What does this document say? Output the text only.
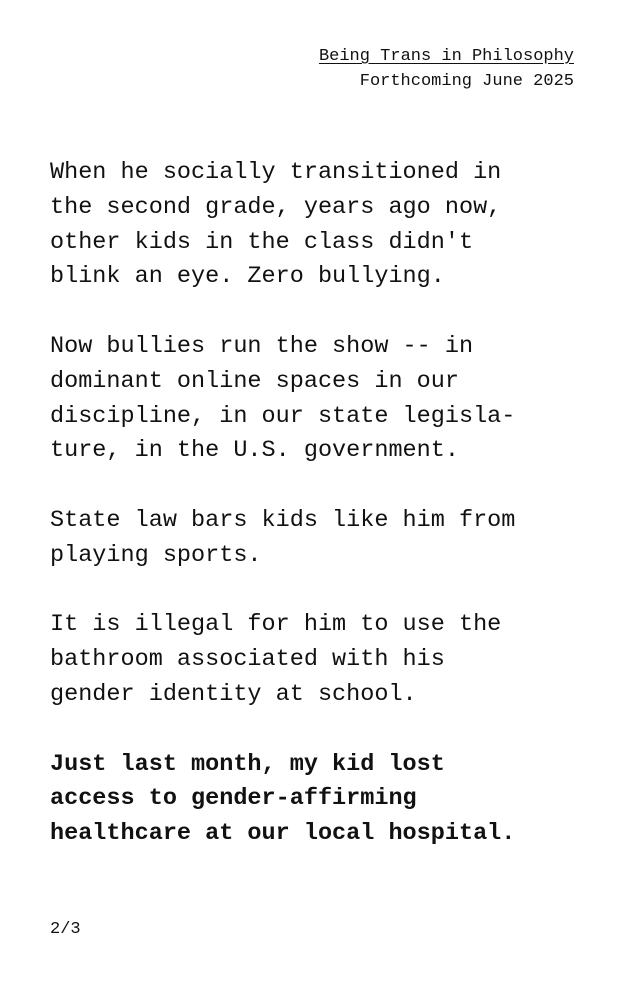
Being Trans in Philosophy

Forthcoming June 2025

When he socially transitioned in
the second grade, years ago now,
other kids in the class didn't
blink an eye. Zero bullying.

Now bullies run the show -- in
dominant online spaces in our
discipline, in our state legisla-
ture, in the U.S. government.

State law bars kids like him from
playing sports.

It is illegal for him to use the
bathroom associated with his
gender identity at school.

Just last month, my kid lost
access to gender-affirming
healthcare at our local hospital.

2/3
